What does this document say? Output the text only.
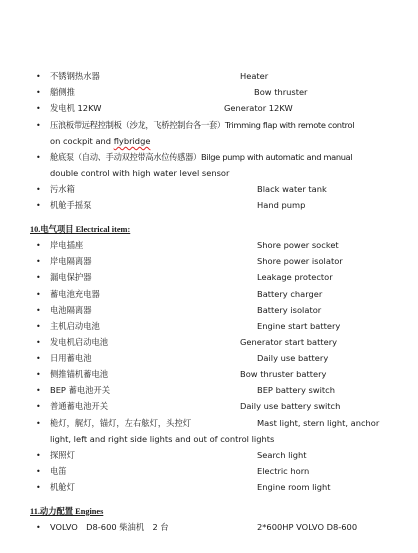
• 不锈钢热水器	Heater
• 艏侧推	Bow thruster
• 发电机 12KW	Generator 12KW
• 压浪板带远程控制板（沙龙，飞桥控制台各一套）Trimming flap with remote control
on cockpit and flybridge
• 舱底泵（自动、手动双控带高水位传感器）Bilge pump with automatic and manual
double control with high water level sensor
• 污水箱	Black water tank
• 机舱手摇泵	Hand pump
10.电气项目 Electrical item:
• 岸电插座	Shore power socket
• 岸电隔离器	Shore power isolator
• 漏电保护器	Leakage protector
• 蓄电池充电器	Battery charger
• 电池隔离器	Battery isolator
• 主机启动电池	Engine start battery
• 发电机启动电池	Generator start battery
• 日用蓄电池	Daily use battery
• 侧推锚机蓄电池	Bow thruster battery
• BEP 蓄电池开关	BEP battery switch
• 普通蓄电池开关	Daily use battery switch
• 桅灯，艉灯，锚灯，左右舷灯，头控灯	Mast light, stern light, anchor
light, left and right side lights and out of control lights
• 探照灯	Search light
• 电笛	Electric horn
• 机舱灯	Engine room light
11.动力配置 Engines
• VOLVO　D8-600 柴油机　2 台	2*600HP VOLVO D8-600
